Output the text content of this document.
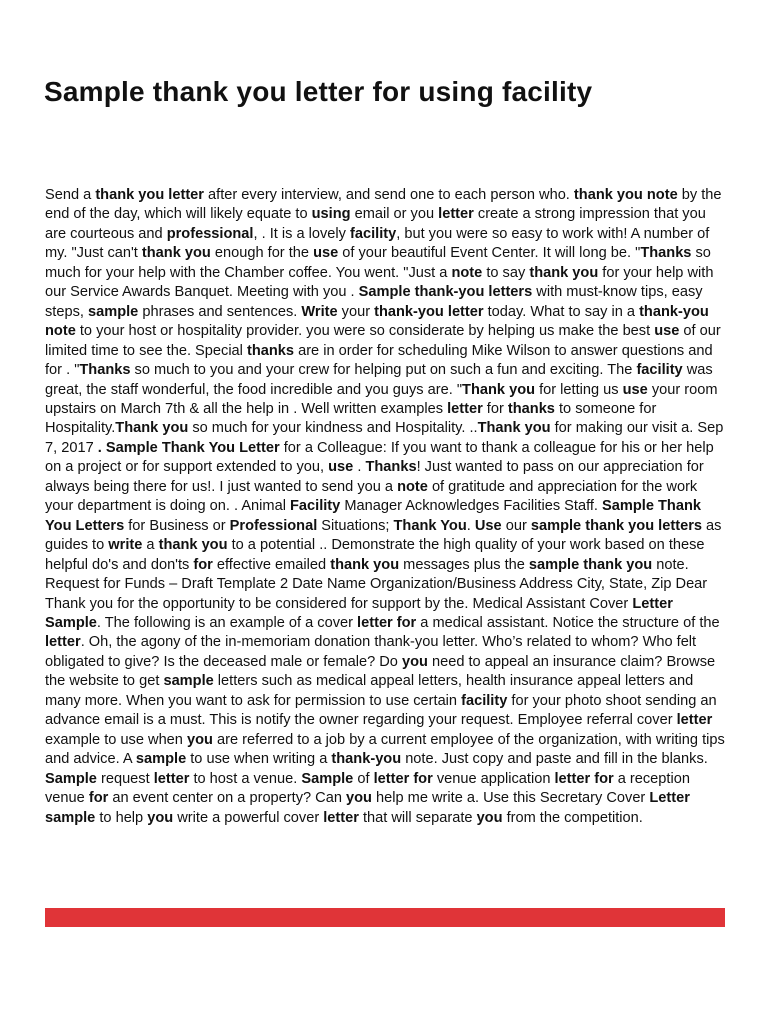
Sample thank you letter for using facility

Send a thank you letter after every interview, and send one to each person who. thank you note by the end of the day, which will likely equate to using email or you letter create a strong impression that you are courteous and professional, . It is a lovely facility, but you were so easy to work with! A number of my. "Just can't thank you enough for the use of your beautiful Event Center. It will long be. "Thanks so much for your help with the Chamber coffee. You went. "Just a note to say thank you for your help with our Service Awards Banquet. Meeting with you . Sample thank-you letters with must-know tips, easy steps, sample phrases and sentences. Write your thank-you letter today. What to say in a thank-you note to your host or hospitality provider. you were so considerate by helping us make the best use of our limited time to see the. Special thanks are in order for scheduling Mike Wilson to answer questions and for . "Thanks so much to you and your crew for helping put on such a fun and exciting. The facility was great, the staff wonderful, the food incredible and you guys are. "Thank you for letting us use your room upstairs on March 7th & all the help in . Well written examples letter for thanks to someone for Hospitality.Thank you so much for your kindness and Hospitality. ..Thank you for making our visit a. Sep 7, 2017 . Sample Thank You Letter for a Colleague: If you want to thank a colleague for his or her help on a project or for support extended to you, use . Thanks! Just wanted to pass on our appreciation for always being there for us!. I just wanted to send you a note of gratitude and appreciation for the work your department is doing on. . Animal Facility Manager Acknowledges Facilities Staff. Sample Thank You Letters for Business or Professional Situations; Thank You. Use our sample thank you letters as guides to write a thank you to a potential .. Demonstrate the high quality of your work based on these helpful do's and don'ts for effective emailed thank you messages plus the sample thank you note. Request for Funds – Draft Template 2 Date Name Organization/Business Address City, State, Zip Dear Thank you for the opportunity to be considered for support by the. Medical Assistant Cover Letter Sample. The following is an example of a cover letter for a medical assistant. Notice the structure of the letter. Oh, the agony of the in-memoriam donation thank-you letter. Who’s related to whom? Who felt obligated to give? Is the deceased male or female? Do you need to appeal an insurance claim? Browse the website to get sample letters such as medical appeal letters, health insurance appeal letters and many more. When you want to ask for permission to use certain facility for your photo shoot sending an advance email is a must. This is notify the owner regarding your request. Employee referral cover letter example to use when you are referred to a job by a current employee of the organization, with writing tips and advice. A sample to use when writing a thank-you note. Just copy and paste and fill in the blanks. Sample request letter to host a venue. Sample of letter for venue application letter for a reception venue for an event center on a property? Can you help me write a. Use this Secretary Cover Letter sample to help you write a powerful cover letter that will separate you from the competition.
